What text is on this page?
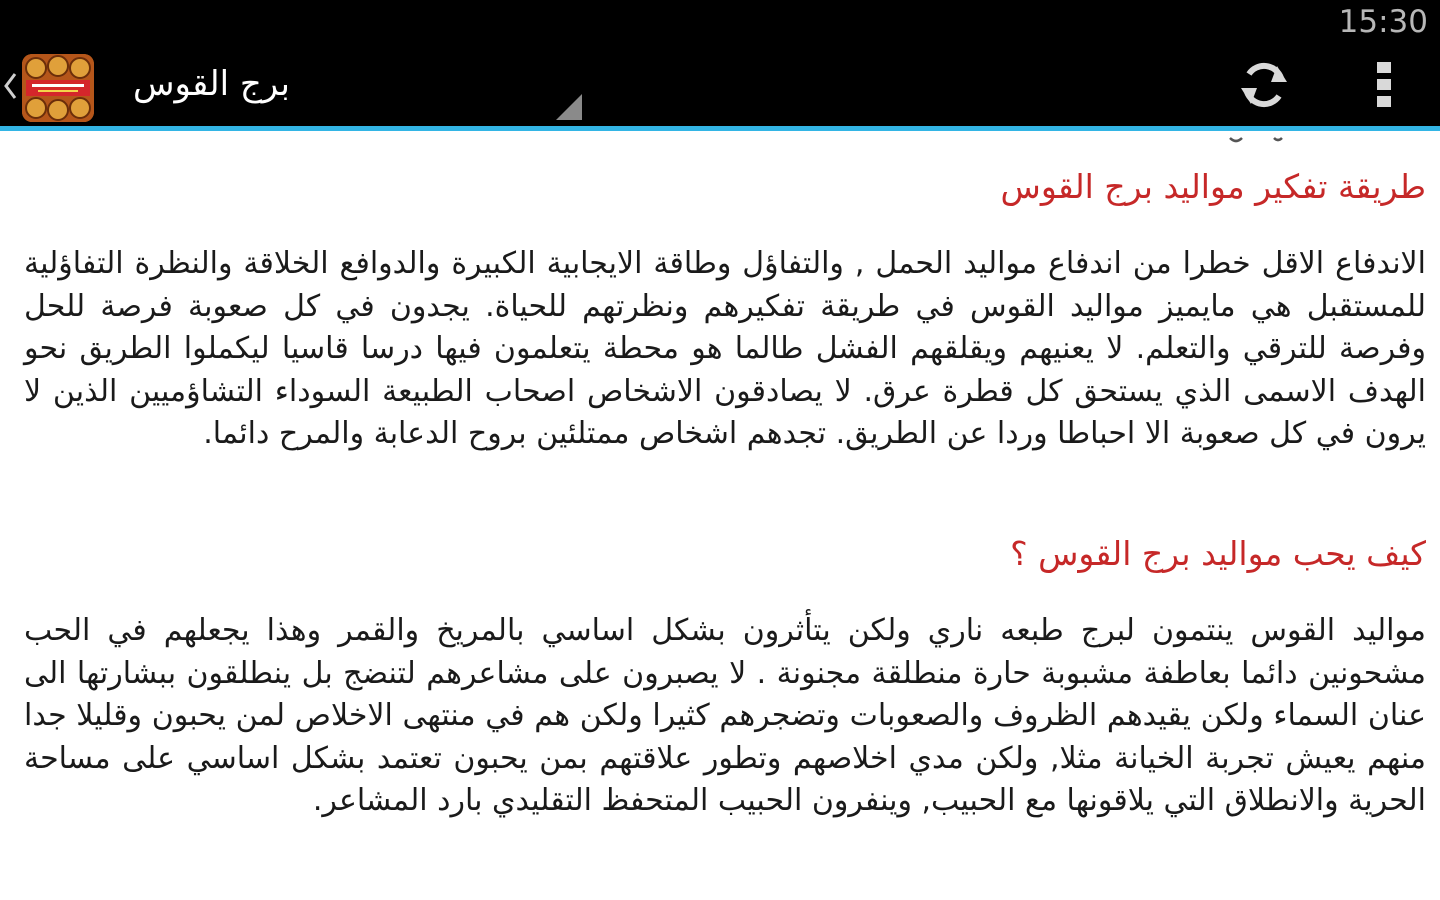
15:30
برج القوس
طريقة تفكير مواليد برج القوس
الاندفاع الاقل خطرا من اندفاع مواليد الحمل , والتفاؤل وطاقة الايجابية الكبيرة والدوافع الخلاقة والنظرة التفاؤلية للمستقبل هي مايميز مواليد القوس في طريقة تفكيرهم ونظرتهم للحياة. يجدون في كل صعوبة فرصة للحل وفرصة للترقي والتعلم. لا يعنيهم ويقلقهم الفشل طالما هو محطة يتعلمون فيها درسا قاسيا ليكملوا الطريق نحو الهدف الاسمى الذي يستحق كل قطرة عرق. لا يصادقون الاشخاص اصحاب الطبيعة السوداء التشاؤميين الذين لا يرون في كل صعوبة الا احباطا وردا عن الطريق. تجدهم اشخاص ممتلئين بروح الدعابة والمرح دائما.
كيف يحب مواليد برج القوس ؟
مواليد القوس ينتمون لبرج طبعه ناري ولكن يتأثرون بشكل اساسي بالمريخ والقمر وهذا يجعلهم في الحب مشحونين دائما بعاطفة مشبوبة حارة منطلقة مجنونة . لا يصبرون على مشاعرهم لتنضج بل ينطلقون ببشارتها الى عنان السماء ولكن يقيدهم الظروف والصعوبات وتضجرهم كثيرا ولكن هم في منتهى الاخلاص لمن يحبون وقليلا جدا منهم يعيش تجربة الخيانة مثلا, ولكن مدي اخلاصهم وتطور علاقتهم بمن يحبون تعتمد بشكل اساسي على مساحة الحرية والانطلاق التي يلاقونها مع الحبيب, وينفرون الحبيب المتحفظ التقليدي بارد المشاعر.
